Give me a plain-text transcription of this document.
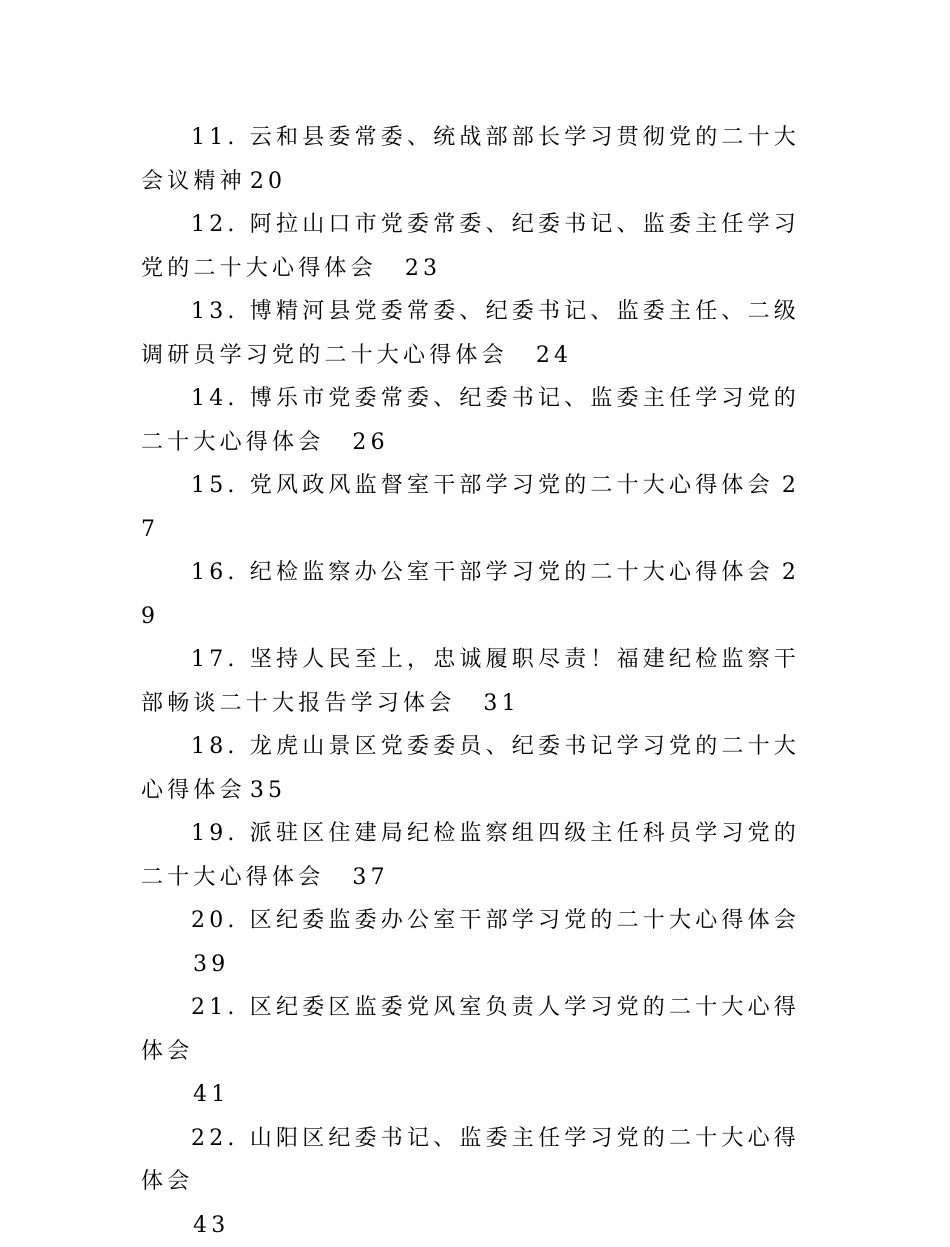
11. 云和县委常委、统战部部长学习贯彻党的二十大会议精神 20

12. 阿拉山口市党委常委、纪委书记、监委主任学习党的二十大心得体会 23

13. 博精河县党委常委、纪委书记、监委主任、二级调研员学习党的二十大心得体会 24

14. 博乐市党委常委、纪委书记、监委主任学习党的二十大心得体会 26

15. 党风政风监督室干部学习党的二十大心得体会 27

16. 纪检监察办公室干部学习党的二十大心得体会 29

17. 坚持人民至上，忠诚履职尽责！福建纪检监察干部畅谈二十大报告学习体会 31

18. 龙虎山景区党委委员、纪委书记学习党的二十大心得体会 35

19. 派驻区住建局纪检监察组四级主任科员学习党的二十大心得体会 37

20. 区纪委监委办公室干部学习党的二十大心得体会
39

21. 区纪委区监委党风室负责人学习党的二十大心得体会
41

22. 山阳区纪委书记、监委主任学习党的二十大心得体会
43
